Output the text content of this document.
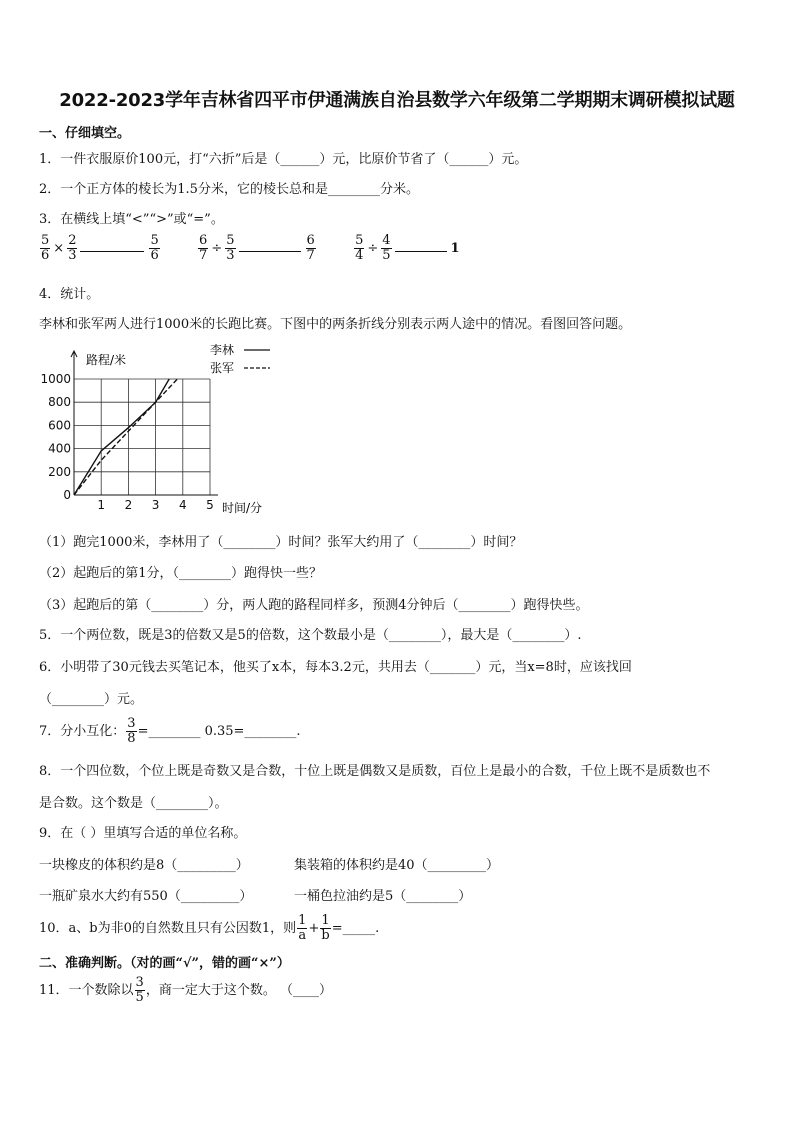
2022-2023学年吉林省四平市伊通满族自治县数学六年级第二学期期末调研模拟试题
一、仔细填空。
1．一件衣服原价100元，打“六折”后是（______）元，比原价节省了（______）元。
2．一个正方体的棱长为1.5分米，它的棱长总和是________分米。
3．在横线上填“<”“>”或“=”。
$\frac{5}{6} \times \frac{2}{3}$	$\frac{5}{6}$
	$\frac{6}{7} \div \frac{5}{3}$	$\frac{6}{7}$
	$\frac{5}{4} \div \frac{4}{5}$	1
4．统计。
李林和张军两人进行1000米的长跑比赛。下图中的两条折线分别表示两人途中的情况。看图回答问题。
1 2 3 4 5
0
200
400
600
800
1000
路程/米
时间/分
李林
张军
（1）跑完1000米，李林用了（________）时间？张军大约用了（________）时间？
（2）起跑后的第1分，（________）跑得快一些？
（3）起跑后的第（________）分，两人跑的路程同样多，预测4分钟后（________）跑得快些。
5．一个两位数，既是3的倍数又是5的倍数，这个数最小是（________），最大是（________）.
6．小明带了30元钱去买笔记本，他买了x本，每本3.2元，共用去（_______）元，当x=8时，应该找回
（________）元。
7．分小互化： $\frac{3}{8}$ =________ 0.35=________.
8．一个四位数，个位上既是奇数又是合数，十位上既是偶数又是质数，百位上是最小的合数，千位上既不是质数也不
是合数。这个数是（________）。
9．在（ ）里填写合适的单位名称。
一块橡皮的体积约是8（_________）	集装箱的体积约是40（_________）
一瓶矿泉水大约有550（_________）	一桶色拉油约是5（________）
10．a、b为非0的自然数且只有公因数1，则 $\frac{1}{a} + \frac{1}{b}$ =_____.
二、准确判断。（对的画“√”，错的画“×”）
11．一个数除以 $\frac{3}{5}$ ，商一定大于这个数。 （____）
